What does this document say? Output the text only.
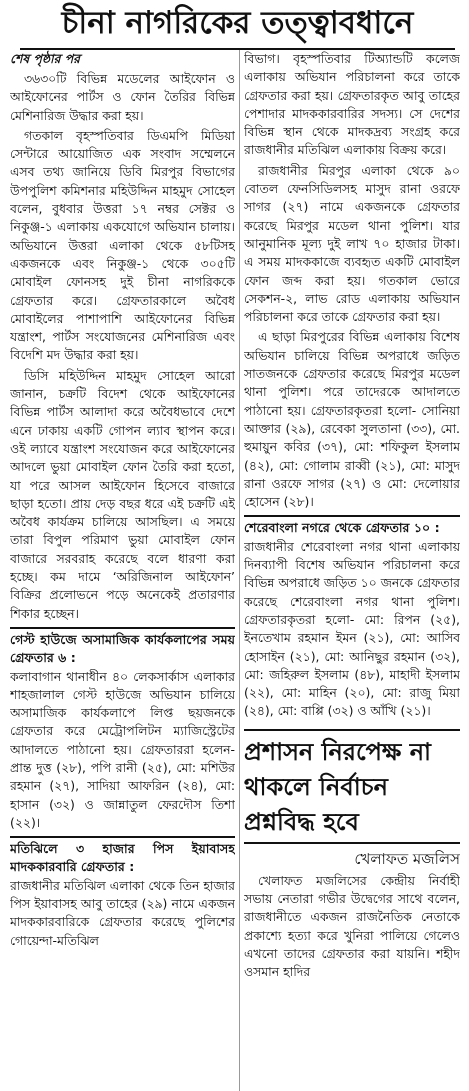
চীনা নাগরিকের তত্ত্বাবধানে

শেষ পৃষ্ঠার পর

৩৬৩০টি বিভিন্ন মডেলের আইফোন ও আইফোনের পার্টস ও ফোন তৈরির বিভিন্ন মেশিনারিজ উদ্ধার করা হয়।

গতকাল বৃহস্পতিবার ডিএমপি মিডিয়া সেন্টারে আয়োজিত এক সংবাদ সম্মেলনে এসব তথ্য জানিয়ে ডিবি মিরপুর বিভাগের উপপুলিশ কমিশনার মহিউদ্দিন মাহমুদ সোহেল বলেন, বুধবার উত্তরা ১৭ নম্বর সেক্টর ও নিকুঞ্জ-১ এলাকায় একযোগে অভিযান চালায়। অভিযানে উত্তরা এলাকা থেকে ৫৮টিসহ একজনকে এবং নিকুঞ্জ-১ থেকে ৩০৫টি মোবাইল ফোনসহ দুই চীনা নাগরিককে গ্রেফতার করে। গ্রেফতারকালে অবৈধ মোবাইলের পাশাপাশি আইফোনের বিভিন্ন যন্ত্রাংশ, পার্টস সংযোজনের মেশিনারিজ এবং বিদেশি মদ উদ্ধার করা হয়।

ডিসি মহিউদ্দিন মাহমুদ সোহেল আরো জানান, চক্রটি বিদেশ থেকে আইফোনের বিভিন্ন পার্টস আলাদা করে অবৈধভাবে দেশে এনে ঢাকায় একটি গোপন ল্যাব স্থাপন করে। ওই ল্যাবে যন্ত্রাংশ সংযোজন করে আইফোনের আদলে ভুয়া মোবাইল ফোন তৈরি করা হতো, যা পরে আসল আইফোন হিসেবে বাজারে ছাড়া হতো। প্রায় দেড় বছর ধরে এই চক্রটি এই অবৈধ কার্যক্রম চালিয়ে আসছিল। এ সময়ে তারা বিপুল পরিমাণ ভুয়া মোবাইল ফোন বাজারে সরবরাহ করেছে বলে ধারণা করা হচ্ছে। কম দামে ‘অরিজিনাল আইফোন’ বিক্রির প্রলোভনে পড়ে অনেকেই প্রতারণার শিকার হচ্ছেন।

গেস্ট হাউজে অসামাজিক কার্যকলাপের সময় গ্রেফতার ৬ :

কলাবাগান থানাধীন ৪০ লেকসার্কাস এলাকার শাহজালাল গেস্ট হাউজে অভিযান চালিয়ে অসামাজিক কার্যকলাপে লিপ্ত ছয়জনকে গ্রেফতার করে মেট্রোপলিটন ম্যাজিস্ট্রেটের আদালতে পাঠানো হয়। গ্রেফতাররা হলেন- প্রান্ত দুত্ত (২৮), পপি রানী (২৫), মো: মশিউর রহমান (২৭), সাদিয়া আফরিন (২৪), মো: হাসান (৩২) ও জান্নাতুল ফেরদৌস তিশা (২২)।

মতিঝিলে ৩ হাজার পিস ইয়াবাসহ মাদককারবারি গ্রেফতার :

রাজধানীর মতিঝিল এলাকা থেকে তিন হাজার পিস ইয়াবাসহ আবু তাহের (২৯) নামে একজন মাদককারবারিকে গ্রেফতার করেছে পুলিশের গোয়েন্দা-মতিঝিল

বিভাগ। বৃহস্পতিবার টিঅ্যান্ডটি কলেজ এলাকায় অভিযান পরিচালনা করে তাকে গ্রেফতার করা হয়। গ্রেফতারকৃত আবু তাহের পেশাদার মাদককারবারির সদস্য। সে দেশের বিভিন্ন স্থান থেকে মাদকদ্রব্য সংগ্রহ করে রাজধানীর মতিঝিল এলাকায় বিক্রয় করে।

রাজধানীর মিরপুর এলাকা থেকে ৯০ বোতল ফেনসিডিলসহ মাসুদ রানা ওরফে সাগর (২৭) নামে একজনকে গ্রেফতার করেছে মিরপুর মডেল থানা পুলিশ। যার আনুমানিক মূল্য দুই লাখ ৭০ হাজার টাকা। এ সময় মাদককাজে ব্যবহৃত একটি মোবাইল ফোন জব্দ করা হয়। গতকাল ভোরে সেকশন-২, লাভ রোড এলাকায় অভিযান পরিচালনা করে তাকে গ্রেফতার করা হয়।

এ ছাড়া মিরপুরের বিভিন্ন এলাকায় বিশেষ অভিযান চালিয়ে বিভিন্ন অপরাধে জড়িত সাতজনকে গ্রেফতার করেছে মিরপুর মডেল থানা পুলিশ। পরে তাদেরকে আদালতে পাঠানো হয়। গ্রেফতারকৃতরা হলো- সোনিয়া আক্তার (২৯), রেবেকা সুলতানা (৩৩), মো. হুমায়ুন কবির (৩৭), মো: শফিকুল ইসলাম (৪২), মো: গোলাম রাব্বী (২১), মো: মাসুদ রানা ওরফে সাগর (২৭) ও মো: দেলোয়ার হোসেন (২৮)।

শেরেবাংলা নগরে থেকে গ্রেফতার ১০ :

রাজধানীর শেরেবাংলা নগর থানা এলাকায় দিনব্যাপী বিশেষ অভিযান পরিচালনা করে বিভিন্ন অপরাধে জড়িত ১০ জনকে গ্রেফতার করেছে শেরেবাংলা নগর থানা পুলিশ। গ্রেফতারকৃতরা হলো- মো: রিপন (২৫), ইনতেখাম রহমান ইমন (২১), মো: আসিব হোসাইন (২১), মো: আনিছুর রহমান (৩২), মো: জহিরুল ইসলাম (৪৮), মাহাদী ইসলাম (২২), মো: মাহিন (২০), মো: রাজু মিয়া (২৪), মো: বাপ্পি (৩২) ও আঁখি (২১)।

প্রশাসন নিরপেক্ষ না থাকলে নির্বাচন প্রশ্নবিদ্ধ হবে

খেলাফত মজলিস

খেলাফত মজলিসের কেন্দ্রীয় নির্বাহী সভায় নেতারা গভীর উদ্বেগের সাথে বলেন, রাজধানীতে একজন রাজনৈতিক নেতাকে প্রকাশ্যে হত্যা করে খুনিরা পালিয়ে গেলেও এখনো তাদের গ্রেফতার করা যায়নি। শহীদ ওসমান হাদির
